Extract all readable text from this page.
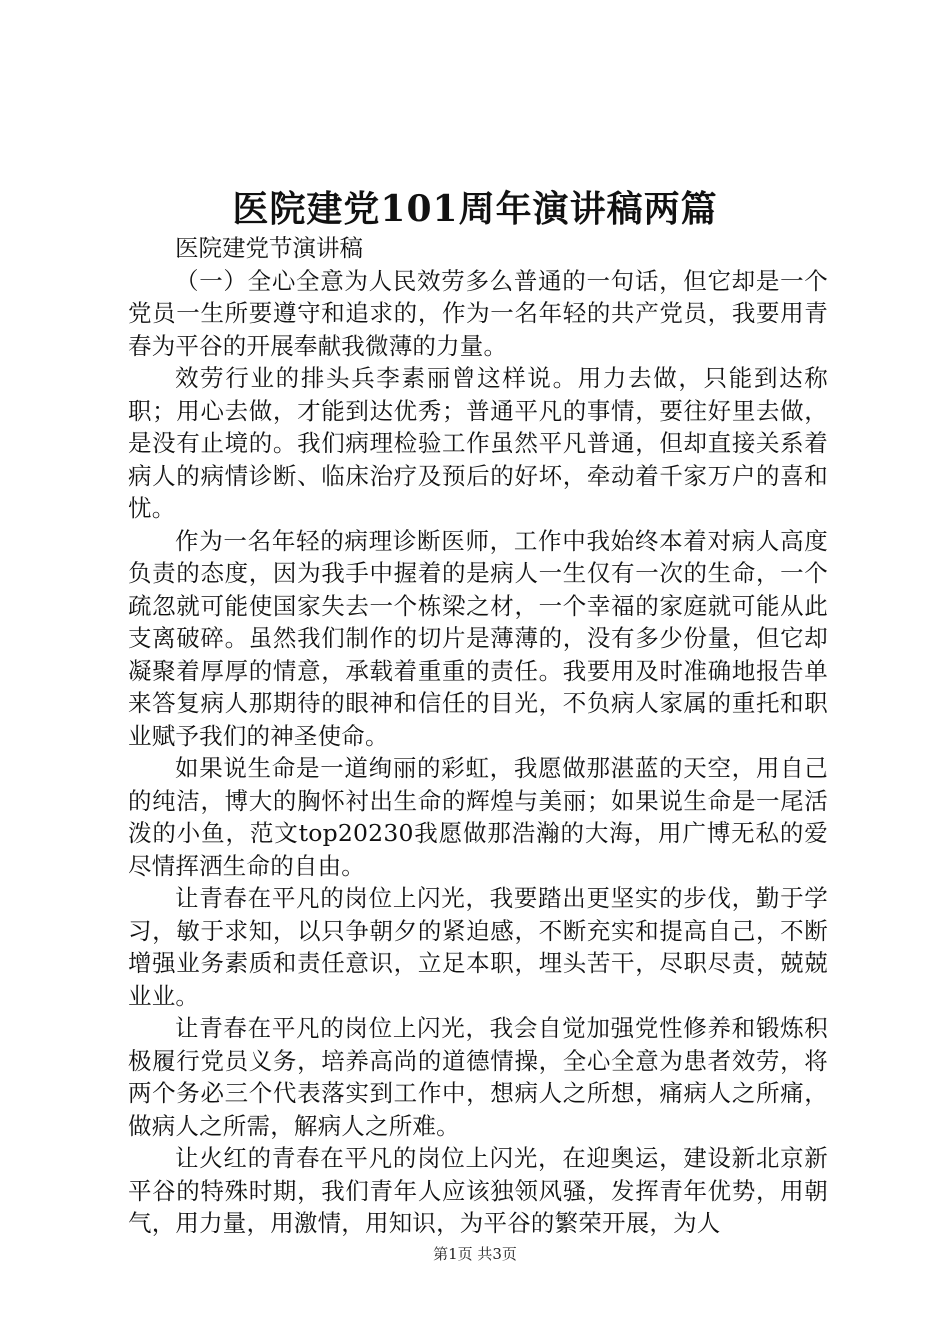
医院建党101周年演讲稿两篇

医院建党节演讲稿

（一）全心全意为人民效劳多么普通的一句话，但它却是一个党员一生所要遵守和追求的，作为一名年轻的共产党员，我要用青春为平谷的开展奉献我微薄的力量。

效劳行业的排头兵李素丽曾这样说。用力去做，只能到达称职；用心去做，才能到达优秀；普通平凡的事情，要往好里去做，是没有止境的。我们病理检验工作虽然平凡普通，但却直接关系着病人的病情诊断、临床治疗及预后的好坏，牵动着千家万户的喜和忧。

作为一名年轻的病理诊断医师，工作中我始终本着对病人高度负责的态度，因为我手中握着的是病人一生仅有一次的生命，一个疏忽就可能使国家失去一个栋梁之材，一个幸福的家庭就可能从此支离破碎。虽然我们制作的切片是薄薄的，没有多少份量，但它却凝聚着厚厚的情意，承载着重重的责任。我要用及时准确地报告单来答复病人那期待的眼神和信任的目光，不负病人家属的重托和职业赋予我们的神圣使命。

如果说生命是一道绚丽的彩虹，我愿做那湛蓝的天空，用自己的纯洁，博大的胸怀衬出生命的辉煌与美丽；如果说生命是一尾活泼的小鱼，范文top20230我愿做那浩瀚的大海，用广博无私的爱尽情挥洒生命的自由。

让青春在平凡的岗位上闪光，我要踏出更坚实的步伐，勤于学习，敏于求知，以只争朝夕的紧迫感，不断充实和提高自己，不断增强业务素质和责任意识，立足本职，埋头苦干，尽职尽责，兢兢业业。

让青春在平凡的岗位上闪光，我会自觉加强党性修养和锻炼积极履行党员义务，培养高尚的道德情操，全心全意为患者效劳，将两个务必三个代表落实到工作中，想病人之所想，痛病人之所痛，做病人之所需，解病人之所难。

让火红的青春在平凡的岗位上闪光，在迎奥运，建设新北京新平谷的特殊时期，我们青年人应该独领风骚，发挥青年优势，用朝气，用力量，用激情，用知识，为平谷的繁荣开展，为人

第1页 共3页
